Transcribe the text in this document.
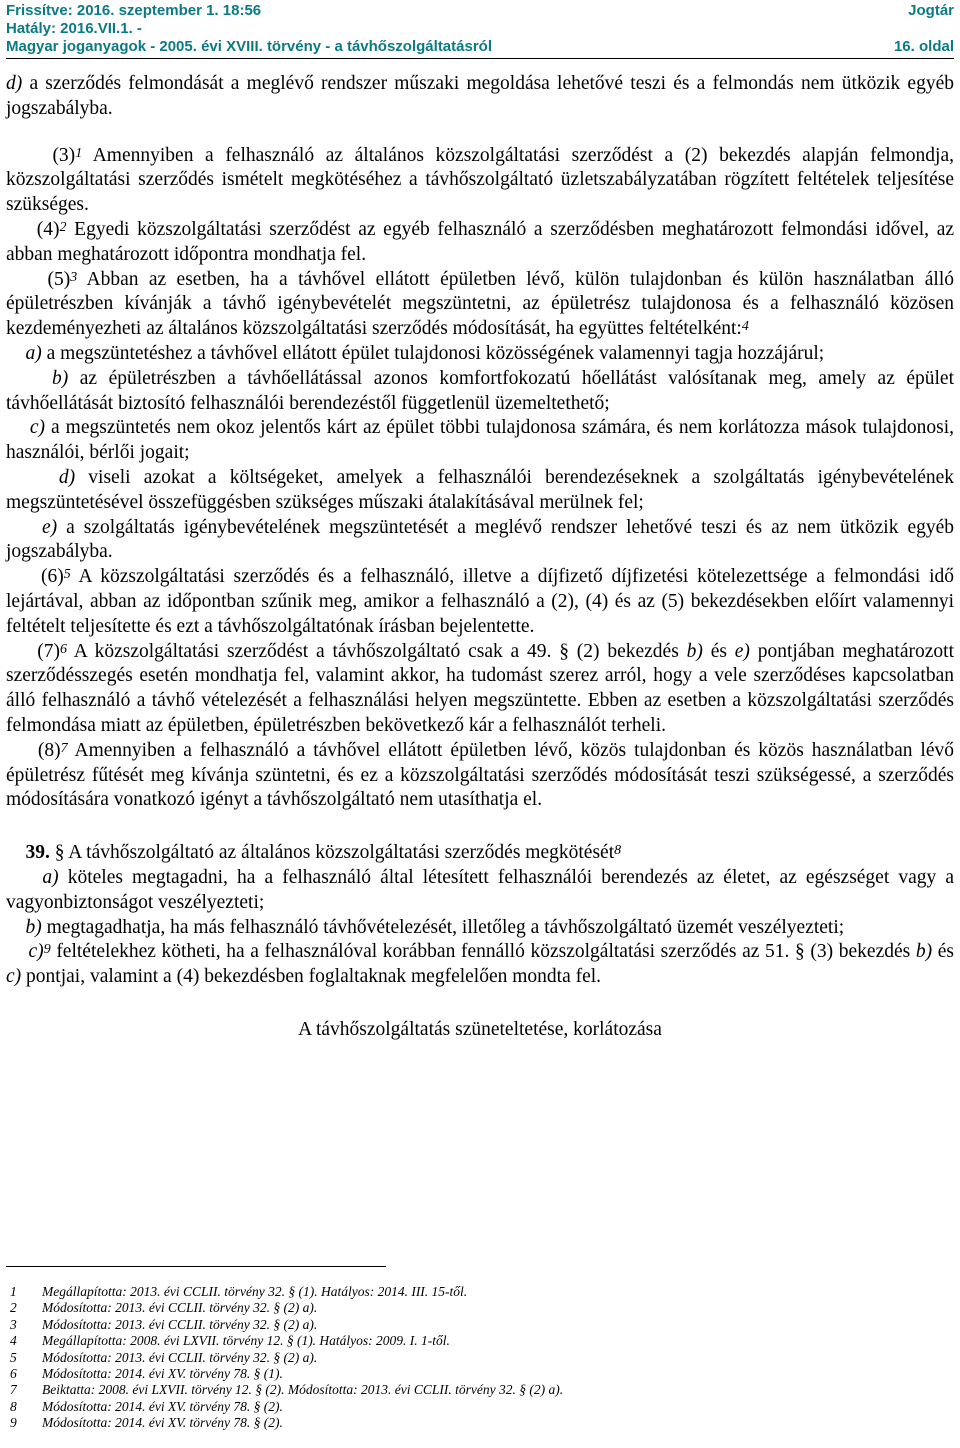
Frissítve: 2016. szeptember 1. 18:56	Jogtár
Hatály: 2016.VII.1. -
Magyar joganyagok - 2005. évi XVIII. törvény - a távhőszolgáltatásról	16. oldal

d) a szerződés felmondását a meglévő rendszer műszaki megoldása lehetővé teszi és a felmondás nem ütközik egyéb jogszabályba.

(3)$^1$ Amennyiben a felhasználó az általános közszolgáltatási szerződést a (2) bekezdés alapján felmondja, közszolgáltatási szerződés ismételt megkötéséhez a távhőszolgáltató üzletszabályzatában rögzített feltételek teljesítése szükséges.

(4)$^2$ Egyedi közszolgáltatási szerződést az egyéb felhasználó a szerződésben meghatározott felmondási idővel, az abban meghatározott időpontra mondhatja fel.

(5)$^3$ Abban az esetben, ha a távhővel ellátott épületben lévő, külön tulajdonban és külön használatban álló épületrészben kívánják a távhő igénybevételét megszüntetni, az épületrész tulajdonosa és a felhasználó közösen kezdeményezheti az általános közszolgáltatási szerződés módosítását, ha együttes feltételként:$^4$

a) a megszüntetéshez a távhővel ellátott épület tulajdonosi közösségének valamennyi tagja hozzájárul;

b) az épületrészben a távhőellátással azonos komfortfokozatú hőellátást valósítanak meg, amely az épület távhőellátását biztosító felhasználói berendezéstől függetlenül üzemeltethető;

c) a megszüntetés nem okoz jelentős kárt az épület többi tulajdonosa számára, és nem korlátozza mások tulajdonosi, használói, bérlői jogait;

d) viseli azokat a költségeket, amelyek a felhasználói berendezéseknek a szolgáltatás igénybevételének megszüntetésével összefüggésben szükséges műszaki átalakításával merülnek fel;

e) a szolgáltatás igénybevételének megszüntetését a meglévő rendszer lehetővé teszi és az nem ütközik egyéb jogszabályba.

(6)$^5$ A közszolgáltatási szerződés és a felhasználó, illetve a díjfizető díjfizetési kötelezettsége a felmondási idő lejártával, abban az időpontban szűnik meg, amikor a felhasználó a (2), (4) és az (5) bekezdésekben előírt valamennyi feltételt teljesítette és ezt a távhőszolgáltatónak írásban bejelentette.

(7)$^6$ A közszolgáltatási szerződést a távhőszolgáltató csak a 49. § (2) bekezdés b) és e) pontjában meghatározott szerződésszegés esetén mondhatja fel, valamint akkor, ha tudomást szerez arról, hogy a vele szerződéses kapcsolatban álló felhasználó a távhő vételezését a felhasználási helyen megszüntette. Ebben az esetben a közszolgáltatási szerződés felmondása miatt az épületben, épületrészben bekövetkező kár a felhasználót terheli.

(8)$^7$ Amennyiben a felhasználó a távhővel ellátott épületben lévő, közös tulajdonban és közös használatban lévő épületrész fűtését meg kívánja szüntetni, és ez a közszolgáltatási szerződés módosítását teszi szükségessé, a szerződés módosítására vonatkozó igényt a távhőszolgáltató nem utasíthatja el.

39. § A távhőszolgáltató az általános közszolgáltatási szerződés megkötését$^8$

a) köteles megtagadni, ha a felhasználó által létesített felhasználói berendezés az életet, az egészséget vagy a vagyonbiztonságot veszélyezteti;

b) megtagadhatja, ha más felhasználó távhővételezését, illetőleg a távhőszolgáltató üzemét veszélyezteti;

c)$^9$ feltételekhez kötheti, ha a felhasználóval korábban fennálló közszolgáltatási szerződés az 51. § (3) bekezdés b) és c) pontjai, valamint a (4) bekezdésben foglaltaknak megfelelően mondta fel.

A távhőszolgáltatás szüneteltetése, korlátozása

1	Megállapította: 2013. évi CCLII. törvény 32. § (1). Hatályos: 2014. III. 15-től.
2	Módosította: 2013. évi CCLII. törvény 32. § (2) a).
3	Módosította: 2013. évi CCLII. törvény 32. § (2) a).
4	Megállapította: 2008. évi LXVII. törvény 12. § (1). Hatályos: 2009. I. 1-től.
5	Módosította: 2013. évi CCLII. törvény 32. § (2) a).
6	Módosította: 2014. évi XV. törvény 78. § (1).
7	Beiktatta: 2008. évi LXVII. törvény 12. § (2). Módosította: 2013. évi CCLII. törvény 32. § (2) a).
8	Módosította: 2014. évi XV. törvény 78. § (2).
9	Módosította: 2014. évi XV. törvény 78. § (2).
